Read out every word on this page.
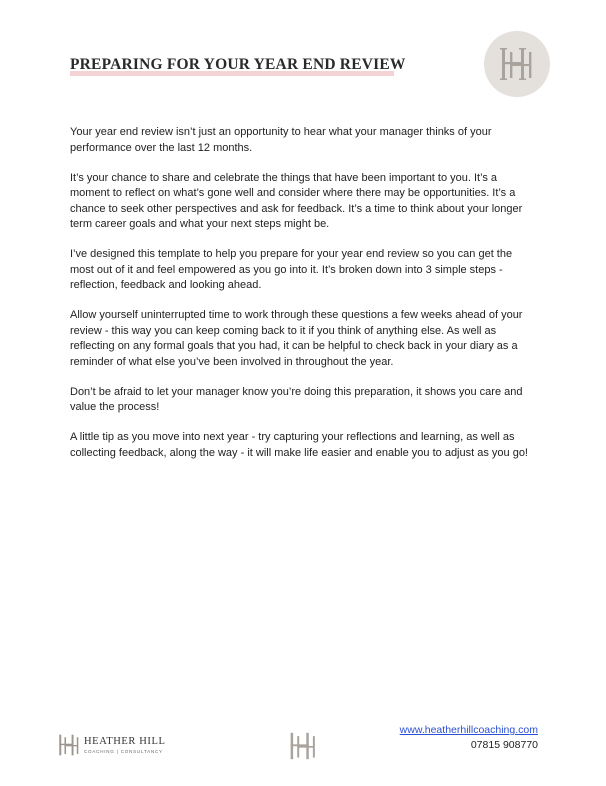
PREPARING FOR YOUR YEAR END REVIEW

Your year end review isn’t just an opportunity to hear what your manager thinks of your performance over the last 12 months.

It’s your chance to share and celebrate the things that have been important to you. It’s a moment to reflect on what’s gone well and consider where there may be opportunities. It’s a chance to seek other perspectives and ask for feedback. It’s a time to think about your longer term career goals and what your next steps might be.

I’ve designed this template to help you prepare for your year end review so you can get the most out of it and feel empowered as you go into it. It’s broken down into 3 simple steps - reflection, feedback and looking ahead.

Allow yourself uninterrupted time to work through these questions a few weeks ahead of your review - this way you can keep coming back to it if you think of anything else. As well as reflecting on any formal goals that you had, it can be helpful to check back in your diary as a reminder of what else you’ve been involved in throughout the year.

Don’t be afraid to let your manager know you’re doing this preparation, it shows you care and value the process!

A little tip as you move into next year - try capturing your reflections and learning, as well as collecting feedback, along the way - it will make life easier and enable you to adjust as you go!

HEATHER HILL
COACHING | CONSULTANCY
www.heatherhillcoaching.com
07815 908770
